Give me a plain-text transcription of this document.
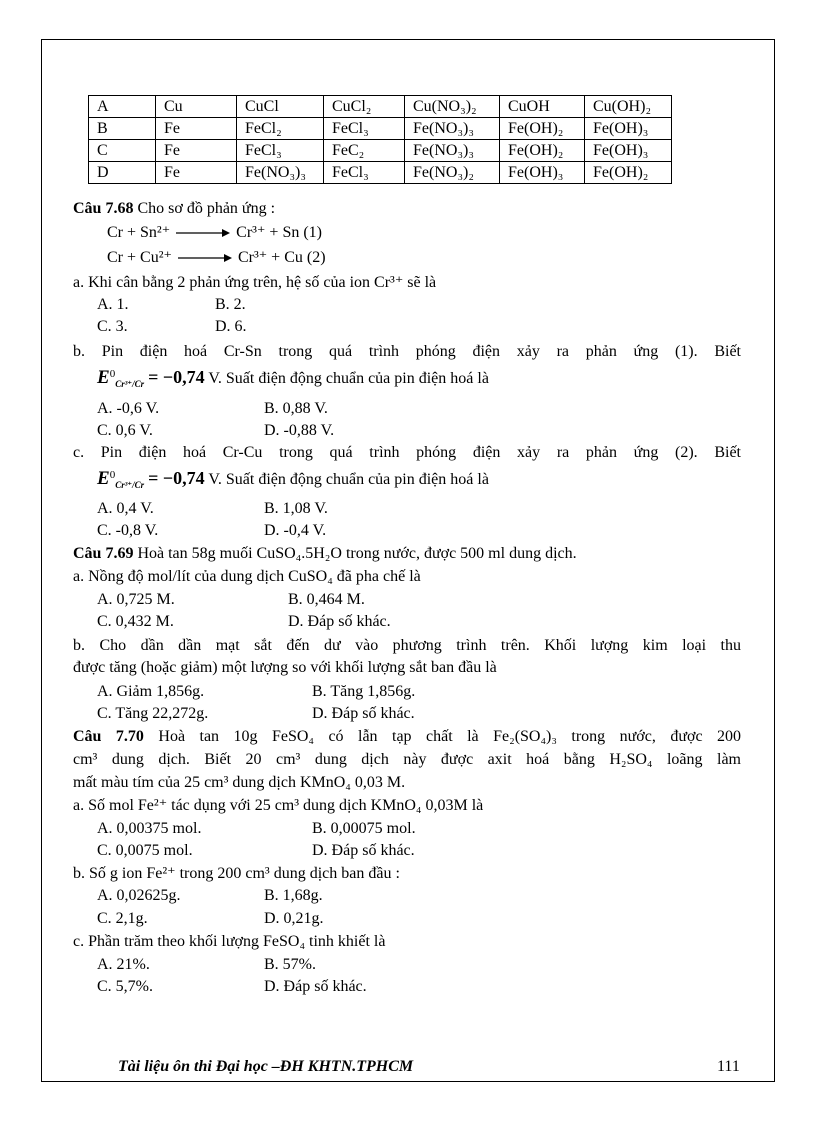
A	Cu	CuCl	CuCl₂	Cu(NO₃)₂	CuOH	Cu(OH)₂
B	Fe	FeCl₂	FeCl₃	Fe(NO₃)₃	Fe(OH)₂	Fe(OH)₃
C	Fe	FeCl₃	FeC₂	Fe(NO₃)₃	Fe(OH)₂	Fe(OH)₃
D	Fe	Fe(NO₃)₃	FeCl₃	Fe(NO₃)₂	Fe(OH)₃	Fe(OH)₂
Câu 7.68 Cho sơ đồ phản ứng :
Cr + Sn²⁺ → Cr³⁺ + Sn (1)
Cr + Cu²⁺ → Cr³⁺ + Cu (2)
a. Khi cân bằng 2 phản ứng trên, hệ số của ion Cr³⁺ sẽ là
A. 1.	B. 2.
C. 3.	D. 6.
b. Pin điện hoá Cr-Sn trong quá trình phóng điện xảy ra phản ứng (1). Biết
$E^0_{Cr^{3+}/Cr} = -0,74$ V. Suất điện động chuẩn của pin điện hoá là
A. -0,6 V.	B. 0,88 V.
C. 0,6 V.	D. -0,88 V.
c. Pin điện hoá Cr-Cu trong quá trình phóng điện xảy ra phản ứng (2). Biết
$E^0_{Cr^{3+}/Cr} = -0,74$ V. Suất điện động chuẩn của pin điện hoá là
A. 0,4 V.	B. 1,08 V.
C. -0,8 V.	D. -0,4 V.
Câu 7.69 Hoà tan 58g muối CuSO₄.5H₂O trong nước, được 500 ml dung dịch.
a. Nồng độ mol/lít của dung dịch CuSO₄ đã pha chế là
A. 0,725 M.	B. 0,464 M.
C. 0,432 M.	D. Đáp số khác.
b. Cho dần dần mạt sắt đến dư vào phương trình trên. Khối lượng kim loại thu
được tăng (hoặc giảm) một lượng so với khối lượng sắt ban đầu là
A. Giảm 1,856g.	B. Tăng 1,856g.
C. Tăng 22,272g.	D. Đáp số khác.
Câu 7.70 Hoà tan 10g FeSO₄ có lẫn tạp chất là Fe₂(SO₄)₃ trong nước, được 200
cm³ dung dịch. Biết 20 cm³ dung dịch này được axit hoá bằng H₂SO₄ loãng làm
mất màu tím của 25 cm³ dung dịch KMnO₄ 0,03 M.
a. Số mol Fe²⁺ tác dụng với 25 cm³ dung dịch KMnO₄ 0,03M là
A. 0,00375 mol.	B. 0,00075 mol.
C. 0,0075 mol.	D. Đáp số khác.
b. Số g ion Fe²⁺ trong 200 cm³ dung dịch ban đầu :
A. 0,02625g.	B. 1,68g.
C. 2,1g.	D. 0,21g.
c. Phần trăm theo khối lượng FeSO₄ tinh khiết là
A. 21%.	B. 57%.
C. 5,7%.	D. Đáp số khác.
Tài liệu ôn thi Đại học –ĐH KHTN.TPHCM	111
